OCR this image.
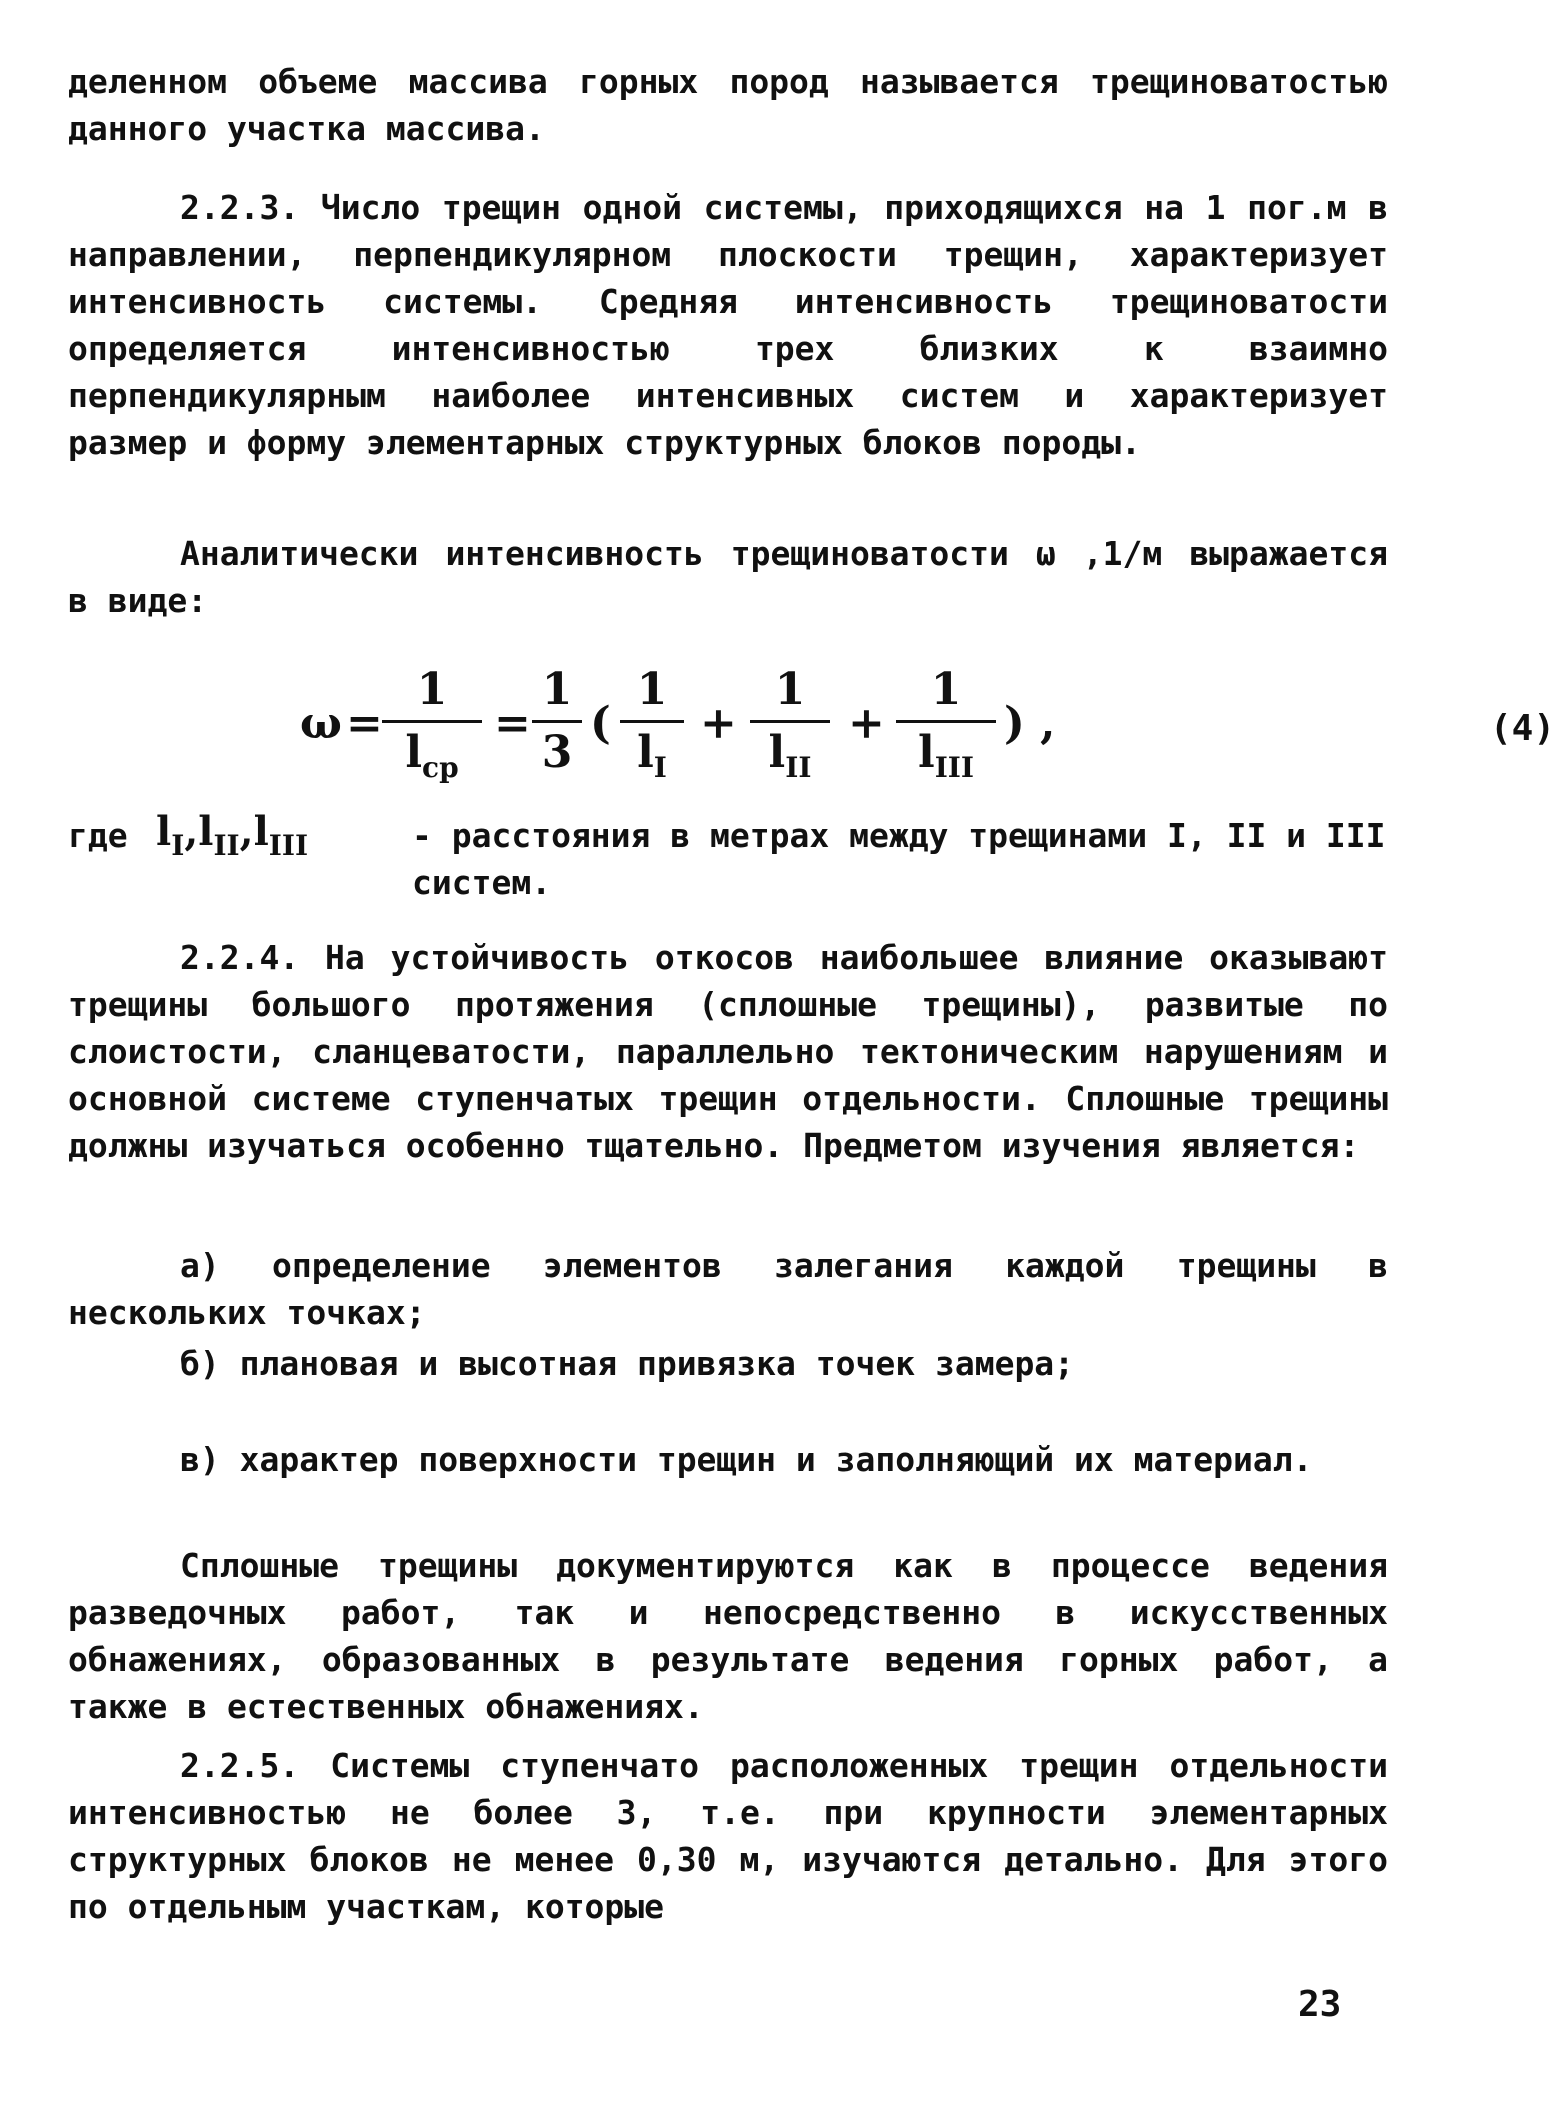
деленном объеме массива горных пород называется трещиноватостью данного участка массива.

2.2.3. Число трещин одной системы, приходящихся на 1 пог.м в направлении, перпендикулярном плоскости трещин, характеризует интенсивность системы. Средняя интенсивность трещиноватости определяется интенсивностью трех близких к взаимно перпендикулярным наиболее интенсивных систем и характеризует размер и форму элементарных структурных блоков породы.

Аналитически интенсивность трещиноватости ω ,1/м выражается в виде:

ω =
1
$l_{ср}$
=
1
3
(
1
$l_I$
+
1
$l_{II}$
+
1
$l_{III}$
) ,	(4)
где $l_I,l_{II},l_{III}$	- расстояния в метрах между трещинами I, II и III систем.

2.2.4. На устойчивость откосов наибольшее влияние оказывают трещины большого протяжения (сплошные трещины), развитые по слоистости, сланцеватости, параллельно тектоническим нарушениям и основной системе ступенчатых трещин отдельности. Сплошные трещины должны изучаться особенно тщательно. Предметом изучения является:

а) определение элементов залегания каждой трещины в нескольких точках;

б) плановая и высотная привязка точек замера;

в) характер поверхности трещин и заполняющий их материал.

Сплошные трещины документируются как в процессе ведения разведочных работ, так и непосредственно в искусственных обнажениях, образованных в результате ведения горных работ, а также в естественных обнажениях.

2.2.5. Системы ступенчато расположенных трещин отдельности интенсивностью не более 3, т.е. при крупности элементарных структурных блоков не менее 0,30 м, изучаются детально. Для этого по отдельным участкам, которые

23
